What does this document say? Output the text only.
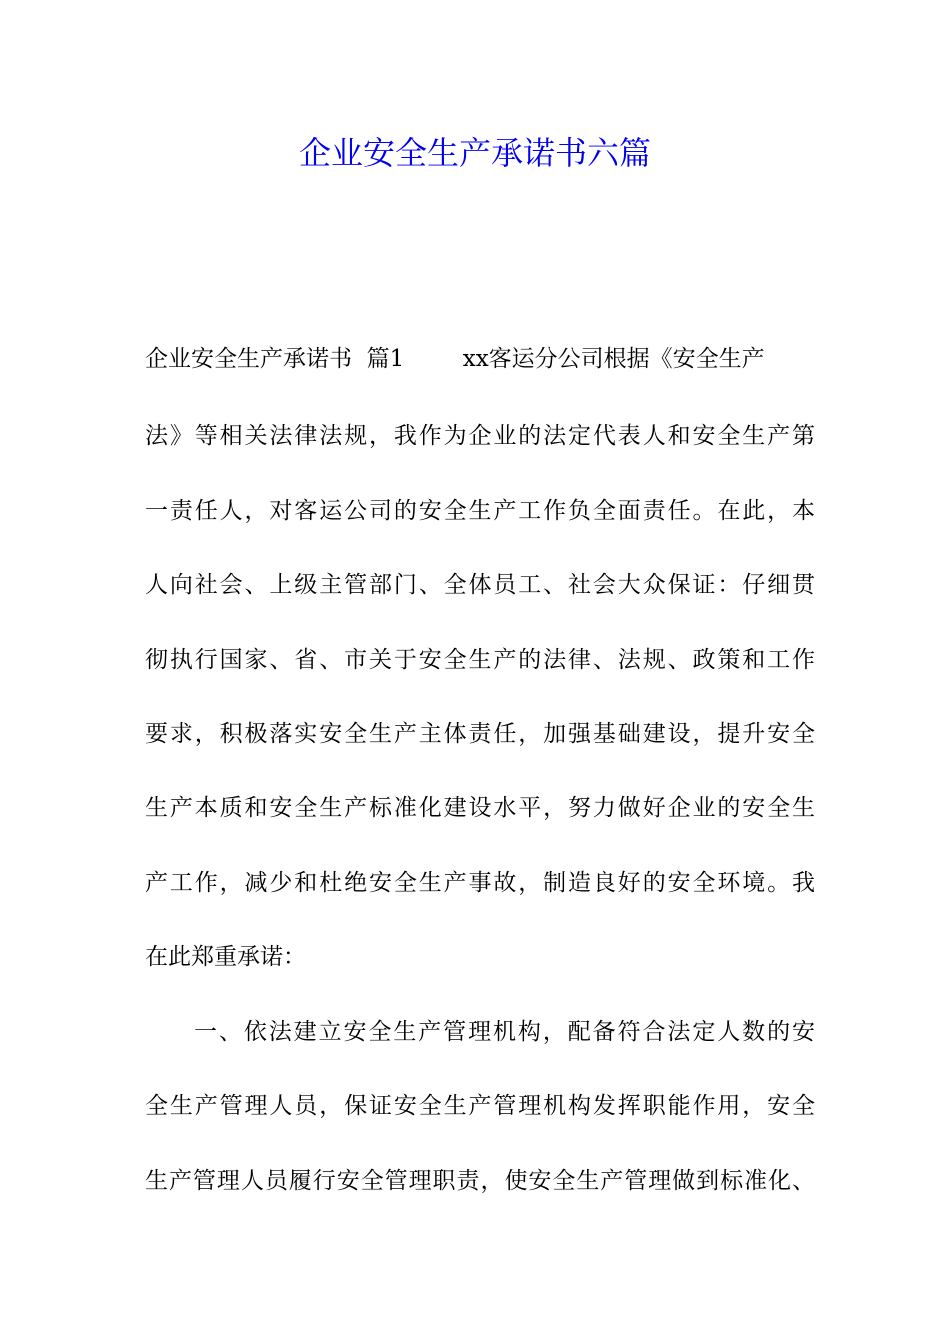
企业安全生产承诺书六篇

企业安全生产承诺书  篇1        xx客运分公司根据《安全生产

法》等相关法律法规，我作为企业的法定代表人和安全生产第

一责任人，对客运公司的安全生产工作负全面责任。在此，本

人向社会、上级主管部门、全体员工、社会大众保证：仔细贯

彻执行国家、省、市关于安全生产的法律、法规、政策和工作

要求，积极落实安全生产主体责任，加强基础建设，提升安全

生产本质和安全生产标准化建设水平，努力做好企业的安全生

产工作，减少和杜绝安全生产事故，制造良好的安全环境。我

在此郑重承诺：

一、依法建立安全生产管理机构，配备符合法定人数的安

全生产管理人员，保证安全生产管理机构发挥职能作用，安全

生产管理人员履行安全管理职责，使安全生产管理做到标准化、
